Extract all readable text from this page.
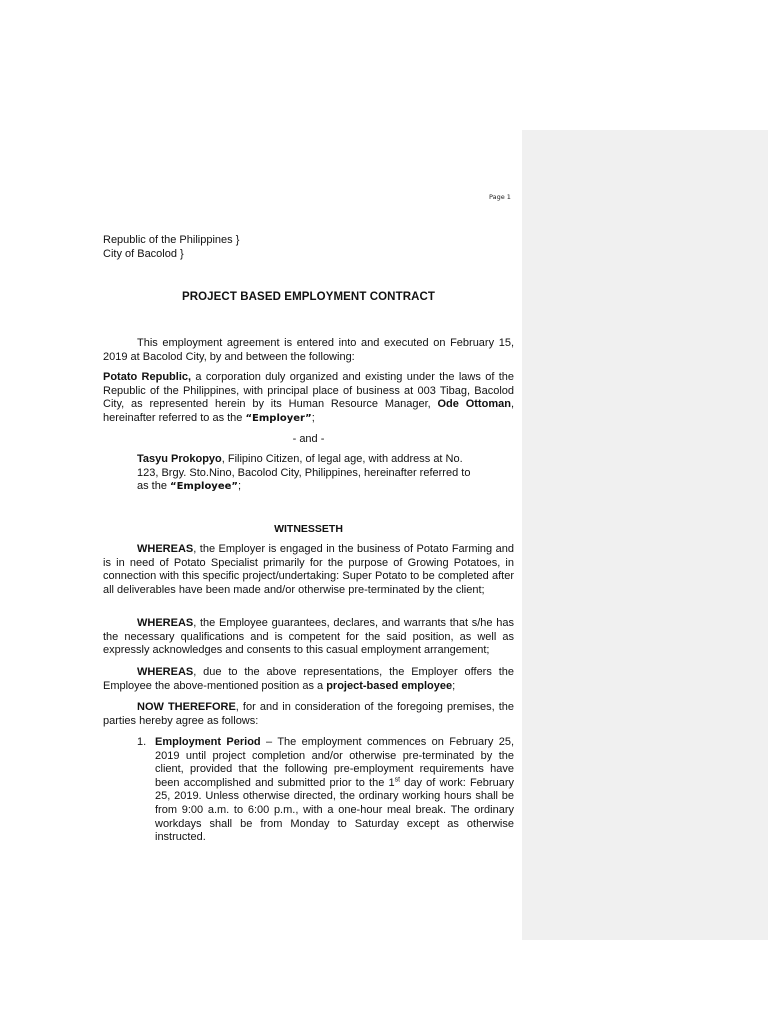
Page 1
Republic of the Philippines }
City of Bacolod }
PROJECT BASED EMPLOYMENT CONTRACT

This employment agreement is entered into and executed on February 15, 2019 at Bacolod City, by and between the following:

Potato Republic, a corporation duly organized and existing under the laws of the Republic of the Philippines, with principal place of business at 003 Tibag, Bacolod City, as represented herein by its Human Resource Manager, Ode Ottoman, hereinafter referred to as the “Employer”;

- and -

Tasyu Prokopyo, Filipino Citizen, of legal age, with address at No. 123, Brgy. Sto.Nino, Bacolod City, Philippines, hereinafter referred to as the “Employee”;

WITNESSETH

WHEREAS, the Employer is engaged in the business of Potato Farming and is in need of Potato Specialist primarily for the purpose of Growing Potatoes, in connection with this specific project/undertaking: Super Potato to be completed after all deliverables have been made and/or otherwise pre-terminated by the client;

WHEREAS, the Employee guarantees, declares, and warrants that s/he has the necessary qualifications and is competent for the said position, as well as expressly acknowledges and consents to this casual employment arrangement;

WHEREAS, due to the above representations, the Employer offers the Employee the above-mentioned position as a project-based employee;

NOW THEREFORE, for and in consideration of the foregoing premises, the parties hereby agree as follows:

1. Employment Period – The employment commences on February 25, 2019 until project completion and/or otherwise pre-terminated by the client, provided that the following pre-employment requirements have been accomplished and submitted prior to the 1st day of work: February 25, 2019. Unless otherwise directed, the ordinary working hours shall be from 9:00 a.m. to 6:00 p.m., with a one-hour meal break. The ordinary workdays shall be from Monday to Saturday except as otherwise instructed.
